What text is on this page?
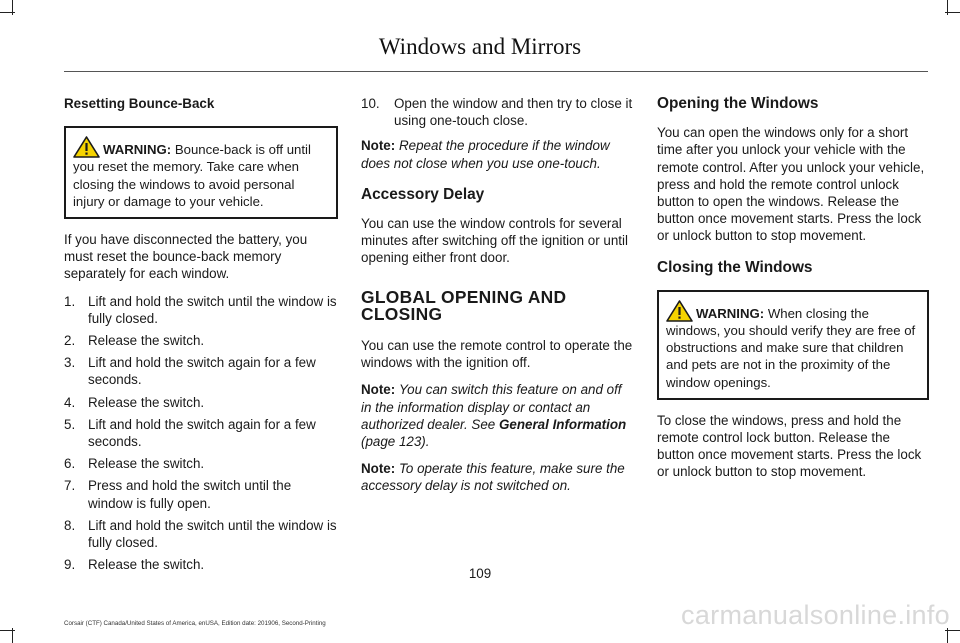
Windows and Mirrors
Resetting Bounce-Back
WARNING: Bounce-back is off until you reset the memory. Take care when closing the windows to avoid personal injury or damage to your vehicle.

If you have disconnected the battery, you must reset the bounce-back memory separately for each window.

1. Lift and hold the switch until the window is fully closed.
2. Release the switch.
3. Lift and hold the switch again for a few seconds.
4. Release the switch.
5. Lift and hold the switch again for a few seconds.
6. Release the switch.
7. Press and hold the switch until the window is fully open.
8. Lift and hold the switch until the window is fully closed.
9. Release the switch.
10. Open the window and then try to close it using one-touch close.

Note: Repeat the procedure if the window does not close when you use one-touch.

Accessory Delay

You can use the window controls for several minutes after switching off the ignition or until opening either front door.

GLOBAL OPENING AND CLOSING

You can use the remote control to operate the windows with the ignition off.

Note: You can switch this feature on and off in the information display or contact an authorized dealer. See General Information (page 123).

Note: To operate this feature, make sure the accessory delay is not switched on.

Opening the Windows

You can open the windows only for a short time after you unlock your vehicle with the remote control. After you unlock your vehicle, press and hold the remote control unlock button to open the windows. Release the button once movement starts. Press the lock or unlock button to stop movement.

Closing the Windows
WARNING: When closing the windows, you should verify they are free of obstructions and make sure that children and pets are not in the proximity of the window openings.

To close the windows, press and hold the remote control lock button. Release the button once movement starts. Press the lock or unlock button to stop movement.

109
Corsair (CTF) Canada/United States of America, enUSA, Edition date: 201906, Second-Printing	carmanualsonline.info
